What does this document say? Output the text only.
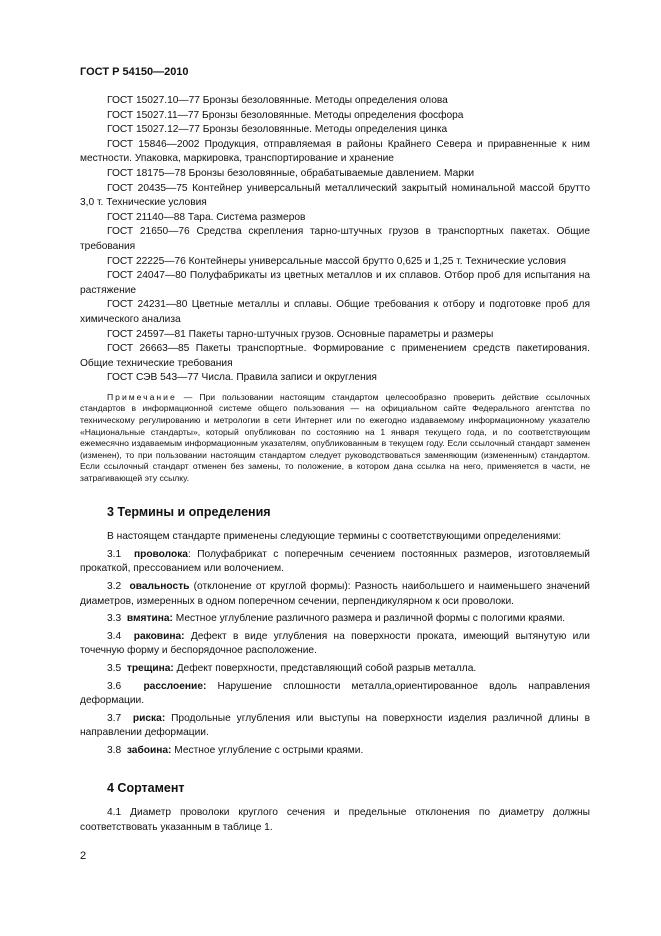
ГОСТ Р 54150—2010

ГОСТ 15027.10—77 Бронзы безоловянные. Методы определения олова

ГОСТ 15027.11—77 Бронзы безоловянные. Методы определения фосфора

ГОСТ 15027.12—77 Бронзы безоловянные. Методы определения цинка

ГОСТ 15846—2002 Продукция, отправляемая в районы Крайнего Севера и приравненные к ним местности. Упаковка, маркировка, транспортирование и хранение

ГОСТ 18175—78 Бронзы безоловянные, обрабатываемые давлением. Марки

ГОСТ 20435—75 Контейнер универсальный металлический закрытый номинальной массой брутто 3,0 т. Технические условия

ГОСТ 21140—88 Тара. Система размеров

ГОСТ 21650—76 Средства скрепления тарно-штучных грузов в транспортных пакетах. Общие требования

ГОСТ 22225—76 Контейнеры универсальные массой брутто 0,625 и 1,25 т. Технические условия

ГОСТ 24047—80 Полуфабрикаты из цветных металлов и их сплавов. Отбор проб для испытания на растяжение

ГОСТ 24231—80 Цветные металлы и сплавы. Общие требования к отбору и подготовке проб для химического анализа

ГОСТ 24597—81 Пакеты тарно-штучных грузов. Основные параметры и размеры

ГОСТ 26663—85 Пакеты транспортные. Формирование с применением средств пакетирования. Общие технические требования

ГОСТ СЭВ 543—77 Числа. Правила записи и округления

Примечание — При пользовании настоящим стандартом целесообразно проверить действие ссылочных стандартов в информационной системе общего пользования — на официальном сайте Федерального агентства по техническому регулированию и метрологии в сети Интернет или по ежегодно издаваемому информационному указателю «Национальные стандарты», который опубликован по состоянию на 1 января текущего года, и по соответствующим ежемесячно издаваемым информационным указателям, опубликованным в текущем году. Если ссылочный стандарт заменен (изменен), то при пользовании настоящим стандартом следует руководствоваться заменяющим (измененным) стандартом. Если ссылочный стандарт отменен без замены, то положение, в котором дана ссылка на него, применяется в части, не затрагивающей эту ссылку.

3 Термины и определения

В настоящем стандарте применены следующие термины с соответствующими определениями:

3.1 проволока: Полуфабрикат с поперечным сечением постоянных размеров, изготовляемый прокаткой, прессованием или волочением.

3.2 овальность (отклонение от круглой формы): Разность наибольшего и наименьшего значений диаметров, измеренных в одном поперечном сечении, перпендикулярном к оси проволоки.

3.3 вмятина: Местное углубление различного размера и различной формы с пологими краями.

3.4 раковина: Дефект в виде углубления на поверхности проката, имеющий вытянутую или точечную форму и беспорядочное расположение.

3.5 трещина: Дефект поверхности, представляющий собой разрыв металла.

3.6 расслоение: Нарушение сплошности металла,ориентированное вдоль направления деформации.

3.7 риска: Продольные углубления или выступы на поверхности изделия различной длины в направлении деформации.

3.8 забоина: Местное углубление с острыми краями.

4 Сортамент

4.1 Диаметр проволоки круглого сечения и предельные отклонения по диаметру должны соответствовать указанным в таблице 1.

2
